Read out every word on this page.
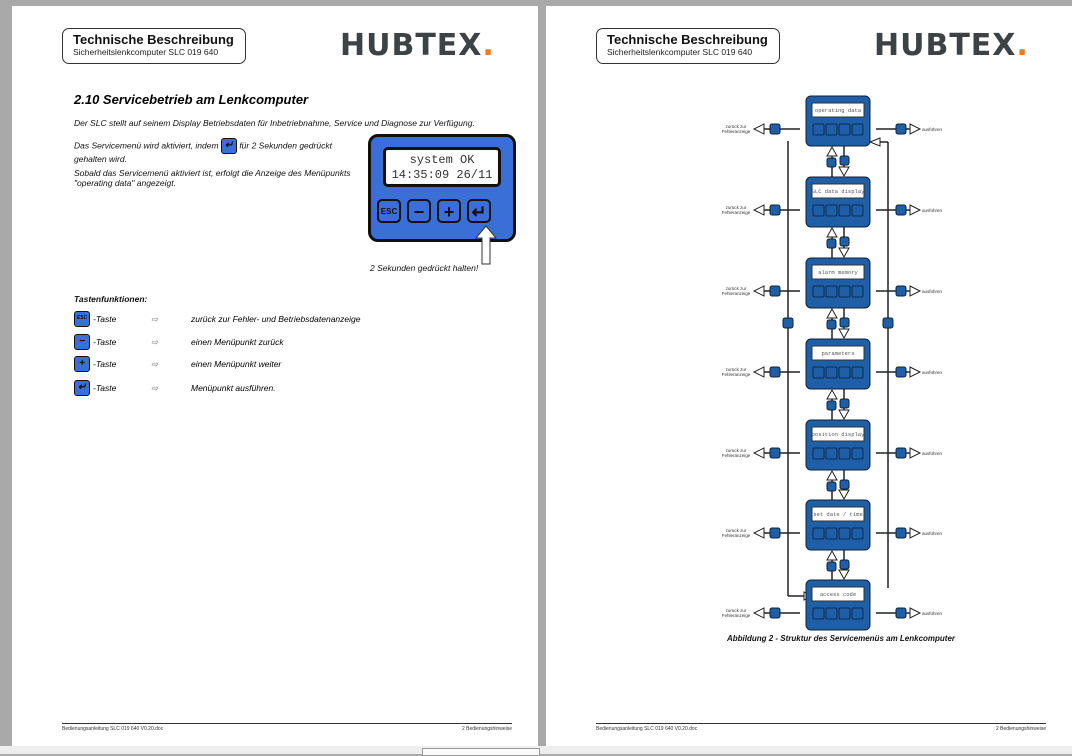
Technische Beschreibung
Sicherheitslenkcomputer SLC 019 640	HUBTEX.
2.10 Servicebetrieb am Lenkcomputer
Der SLC stellt auf seinem Display Betriebsdaten für Inbetriebnahme, Service und Diagnose zur Verfügung.
Das Servicemenü wird aktiviert, indem ↵ für 2 Sekunden gedrückt gehalten wird.
Sobald das Servicemenü aktiviert ist, erfolgt die Anzeige des Menüpunkts "operating data" angezeigt.
system OK
14:35:09 26/11
ESC −	+ ↵
2 Sekunden gedrückt halten!
Tastenfunktionen:
ESC -Taste	⇨	zurück zur Fehler- und Betriebsdatenanzeige
− -Taste	⇨	einen Menüpunkt zurück
+ -Taste	⇨	einen Menüpunkt weiter
↵ -Taste	⇨	Menüpunkt ausführen.
Bedienungsanleitung SLC 019 640 V0.20.doc	2 Bedienungshinweise
Technische Beschreibung
Sicherheitslenkcomputer SLC 019 640	HUBTEX.
operating data
zurück zur
Fehleranzeige	ausführen
SLC data display
zurück zur
Fehleranzeige	ausführen
alarm memory
zurück zur
Fehleranzeige	ausführen
parameters
zurück zur
Fehleranzeige	ausführen
position display
zurück zur
Fehleranzeige	ausführen
set date / time
zurück zur
Fehleranzeige	ausführen
access code
zurück zur
Fehleranzeige	ausführen
Abbildung 2 - Struktur des Servicemenüs am Lenkcomputer
Bedienungsanleitung SLC 019 640 V0.20.doc	2 Bedienungshinweise
